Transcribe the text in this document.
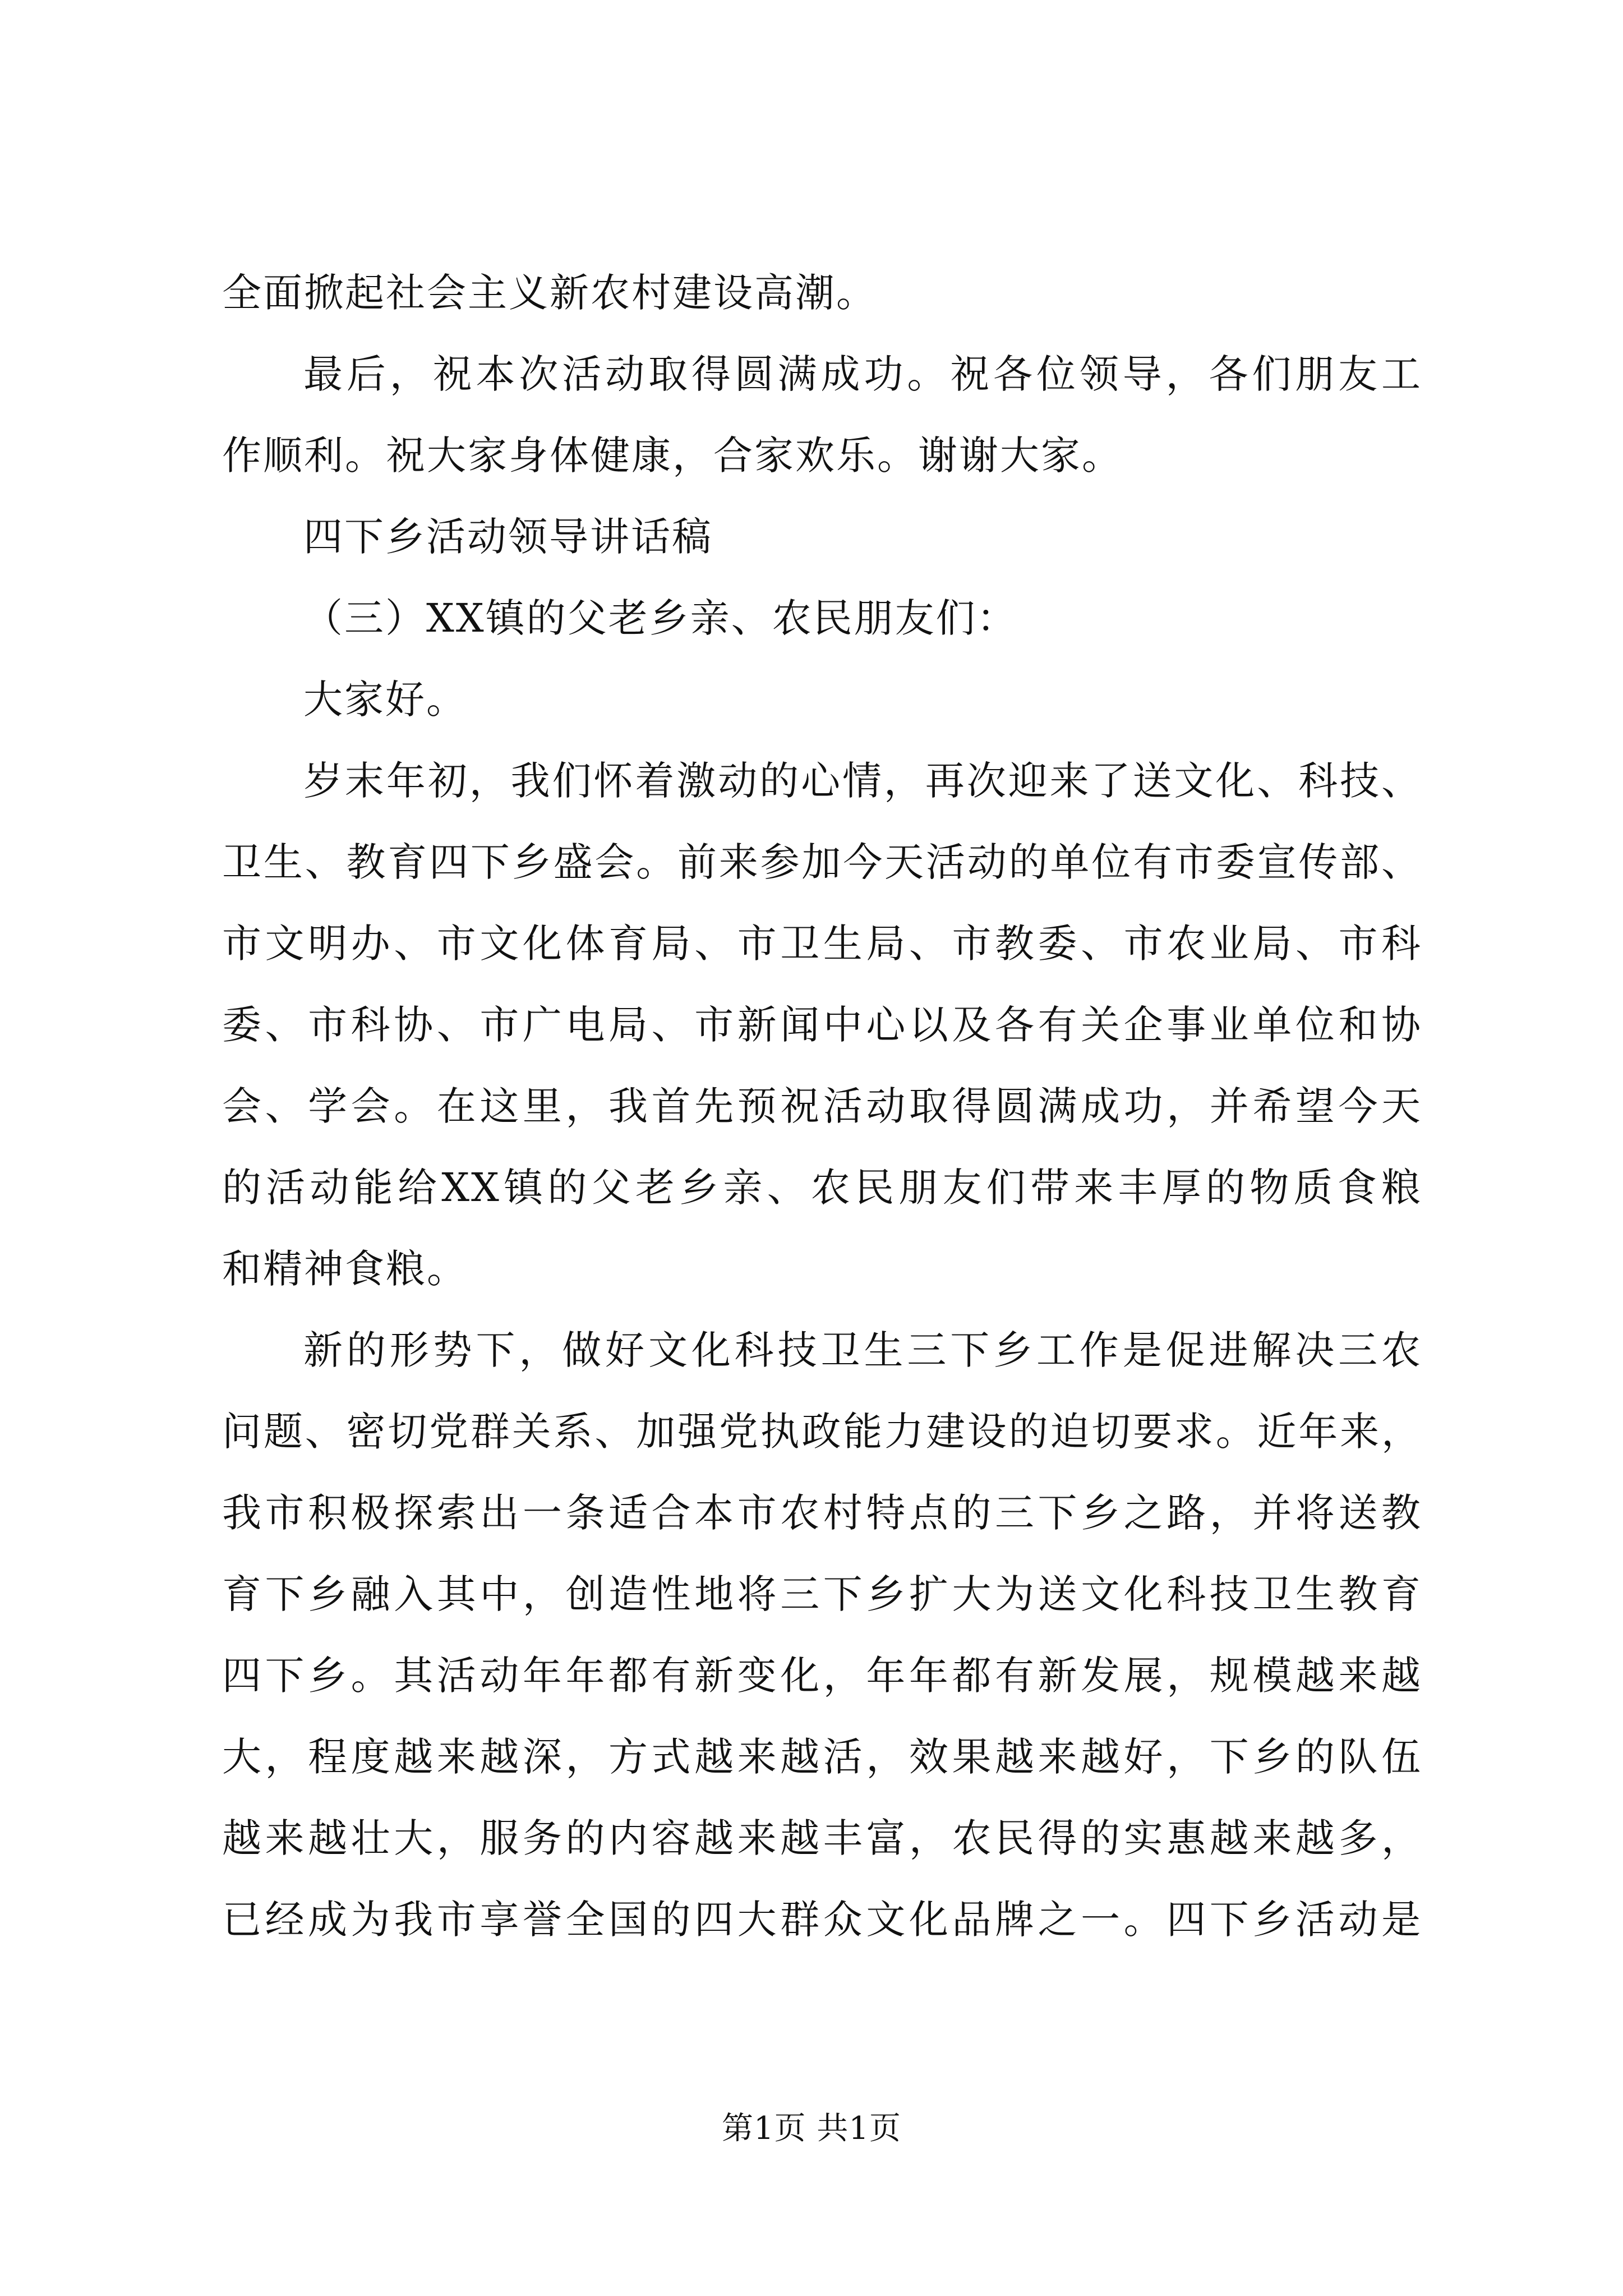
全面掀起社会主义新农村建设高潮。
最后，祝本次活动取得圆满成功。祝各位领导，各们朋友工
作顺利。祝大家身体健康，合家欢乐。谢谢大家。
四下乡活动领导讲话稿
（三）XX镇的父老乡亲、农民朋友们：
大家好。
岁末年初，我们怀着激动的心情，再次迎来了送文化、科技、
卫生、教育四下乡盛会。前来参加今天活动的单位有市委宣传部、
市文明办、市文化体育局、市卫生局、市教委、市农业局、市科
委、市科协、市广电局、市新闻中心以及各有关企事业单位和协
会、学会。在这里，我首先预祝活动取得圆满成功，并希望今天
的活动能给XX镇的父老乡亲、农民朋友们带来丰厚的物质食粮
和精神食粮。
新的形势下，做好文化科技卫生三下乡工作是促进解决三农
问题、密切党群关系、加强党执政能力建设的迫切要求。近年来，
我市积极探索出一条适合本市农村特点的三下乡之路，并将送教
育下乡融入其中，创造性地将三下乡扩大为送文化科技卫生教育
四下乡。其活动年年都有新变化，年年都有新发展，规模越来越
大，程度越来越深，方式越来越活，效果越来越好，下乡的队伍
越来越壮大，服务的内容越来越丰富，农民得的实惠越来越多，
已经成为我市享誉全国的四大群众文化品牌之一。四下乡活动是
第1页 共1页
